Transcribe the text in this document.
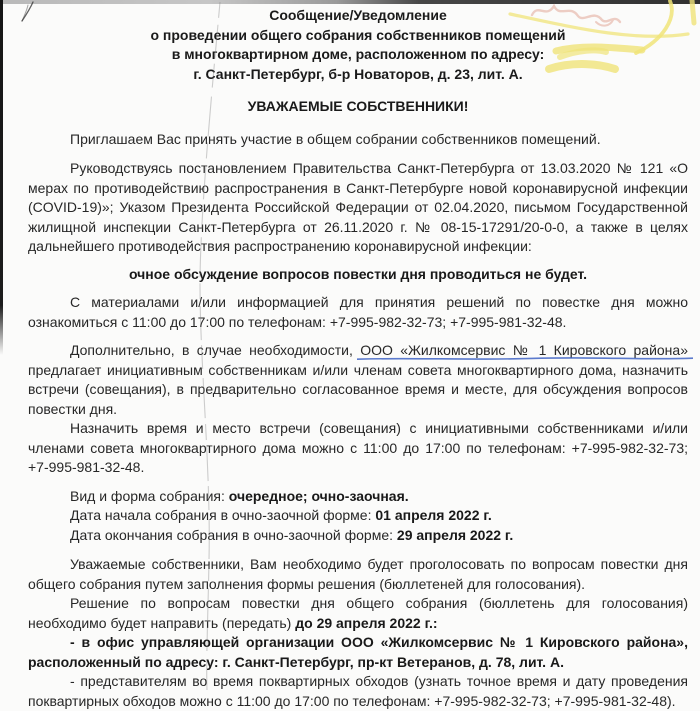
Сообщение/Уведомление
о проведении общего собрания собственников помещений
в многоквартирном доме, расположенном по адресу:
г. Санкт-Петербург, б-р Новаторов, д. 23, лит. А.
УВАЖАЕМЫЕ СОБСТВЕННИКИ!

Приглашаем Вас принять участие в общем собрании собственников помещений.

Руководствуясь постановлением Правительства Санкт-Петербурга от 13.03.2020 № 121 «О мерах по противодействию распространения в Санкт-Петербурге новой коронавирусной инфекции (COVID-19)»; Указом Президента Российской Федерации от 02.04.2020, письмом Государственной жилищной инспекции Санкт-Петербурга от 26.11.2020 г. № 08-15-17291/20-0-0, а также в целях дальнейшего противодействия распространению коронавирусной инфекции:

очное обсуждение вопросов повестки дня проводиться не будет.

С материалами и/или информацией для принятия решений по повестке дня можно ознакомиться с 11:00 до 17:00 по телефонам: +7-995-982-32-73; +7-995-981-32-48.

Дополнительно, в случае необходимости, ООО «Жилкомсервис № 1 Кировского района»
предлагает инициативным собственникам и/или членам совета многоквартирного дома, назначить встречи (совещания), в предварительно согласованное время и месте, для обсуждения вопросов повестки дня.

Назначить время и место встречи (совещания) с инициативными собственниками и/или членами совета многоквартирного дома можно с 11:00 до 17:00 по телефонам: +7-995-982-32-73; +7-995-981-32-48.

Вид и форма собрания: очередное; очно-заочная.
Дата начала собрания в очно-заочной форме: 01 апреля 2022 г.
Дата окончания собрания в очно-заочной форме: 29 апреля 2022 г.

Уважаемые собственники, Вам необходимо будет проголосовать по вопросам повестки дня общего собрания путем заполнения формы решения (бюллетеней для голосования).

Решение по вопросам повестки дня общего собрания (бюллетень для голосования) необходимо будет направить (передать) до 29 апреля 2022 г.:

- в офис управляющей организации ООО «Жилкомсервис № 1 Кировского района», расположенный по адресу: г. Санкт-Петербург, пр-кт Ветеранов, д. 78, лит. А.

- представителям во время поквартирных обходов (узнать точное время и дату проведения поквартирных обходов можно с 11:00 до 17:00 по телефонам: +7-995-982-32-73; +7-995-981-32-48).
